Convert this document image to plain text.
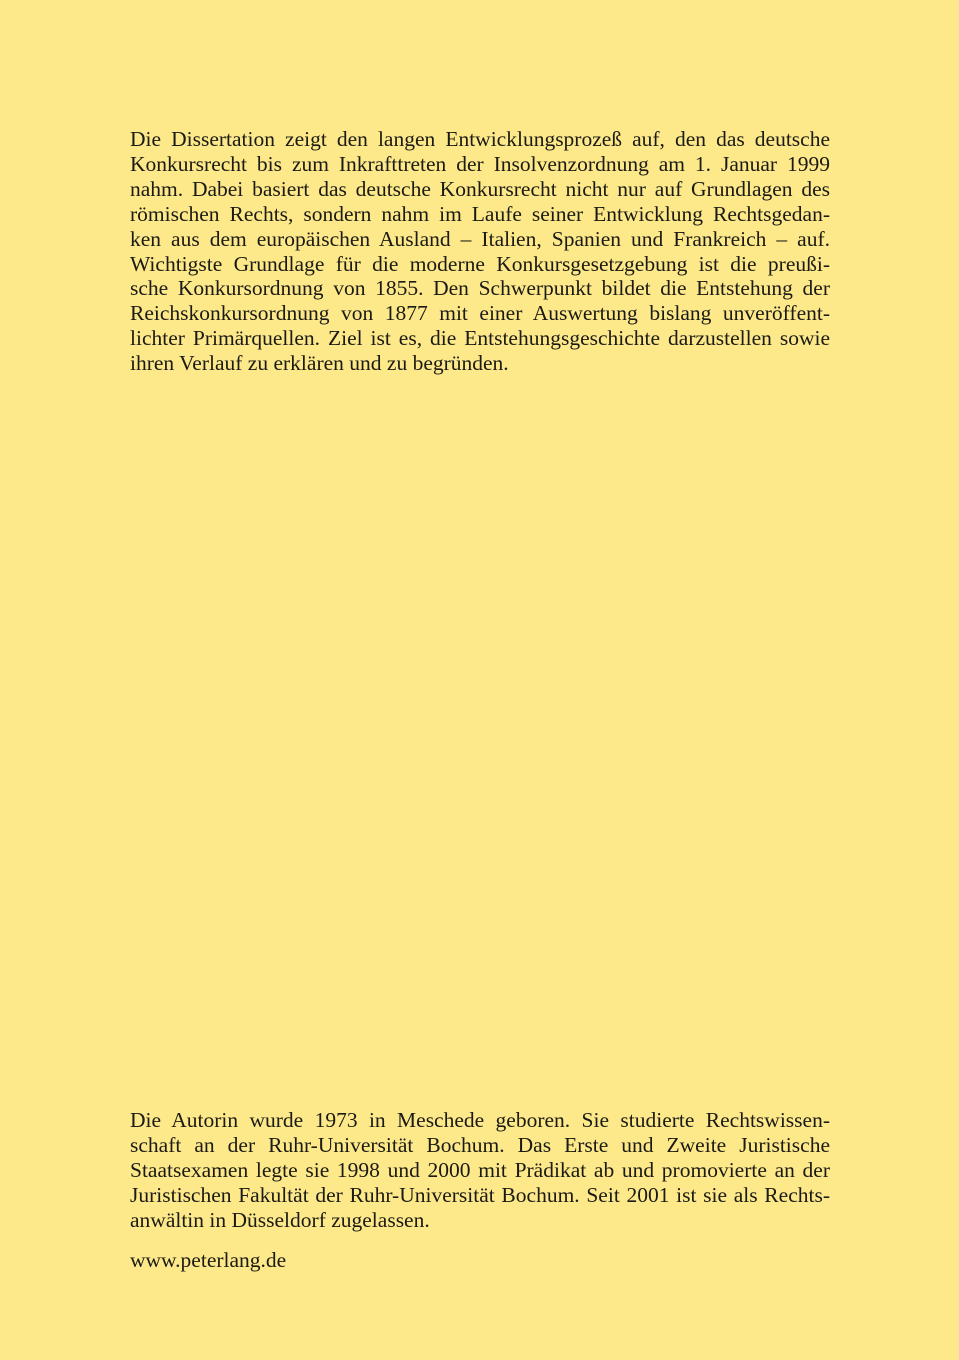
Die Dissertation zeigt den langen Entwicklungsprozeß auf, den das deutsche
Konkursrecht bis zum Inkrafttreten der Insolvenzordnung am 1. Januar 1999
nahm. Dabei basiert das deutsche Konkursrecht nicht nur auf Grundlagen des
römischen Rechts, sondern nahm im Laufe seiner Entwicklung Rechtsgedan-
ken aus dem europäischen Ausland – Italien, Spanien und Frankreich – auf.
Wichtigste Grundlage für die moderne Konkursgesetzgebung ist die preußi-
sche Konkursordnung von 1855. Den Schwerpunkt bildet die Entstehung der
Reichskonkursordnung von 1877 mit einer Auswertung bislang unveröffent-
lichter Primärquellen. Ziel ist es, die Entstehungsgeschichte darzustellen sowie
ihren Verlauf zu erklären und zu begründen.
Die Autorin wurde 1973 in Meschede geboren. Sie studierte Rechtswissen-
schaft an der Ruhr-Universität Bochum. Das Erste und Zweite Juristische
Staatsexamen legte sie 1998 und 2000 mit Prädikat ab und promovierte an der
Juristischen Fakultät der Ruhr-Universität Bochum. Seit 2001 ist sie als Rechts-
anwältin in Düsseldorf zugelassen.
www.peterlang.de
